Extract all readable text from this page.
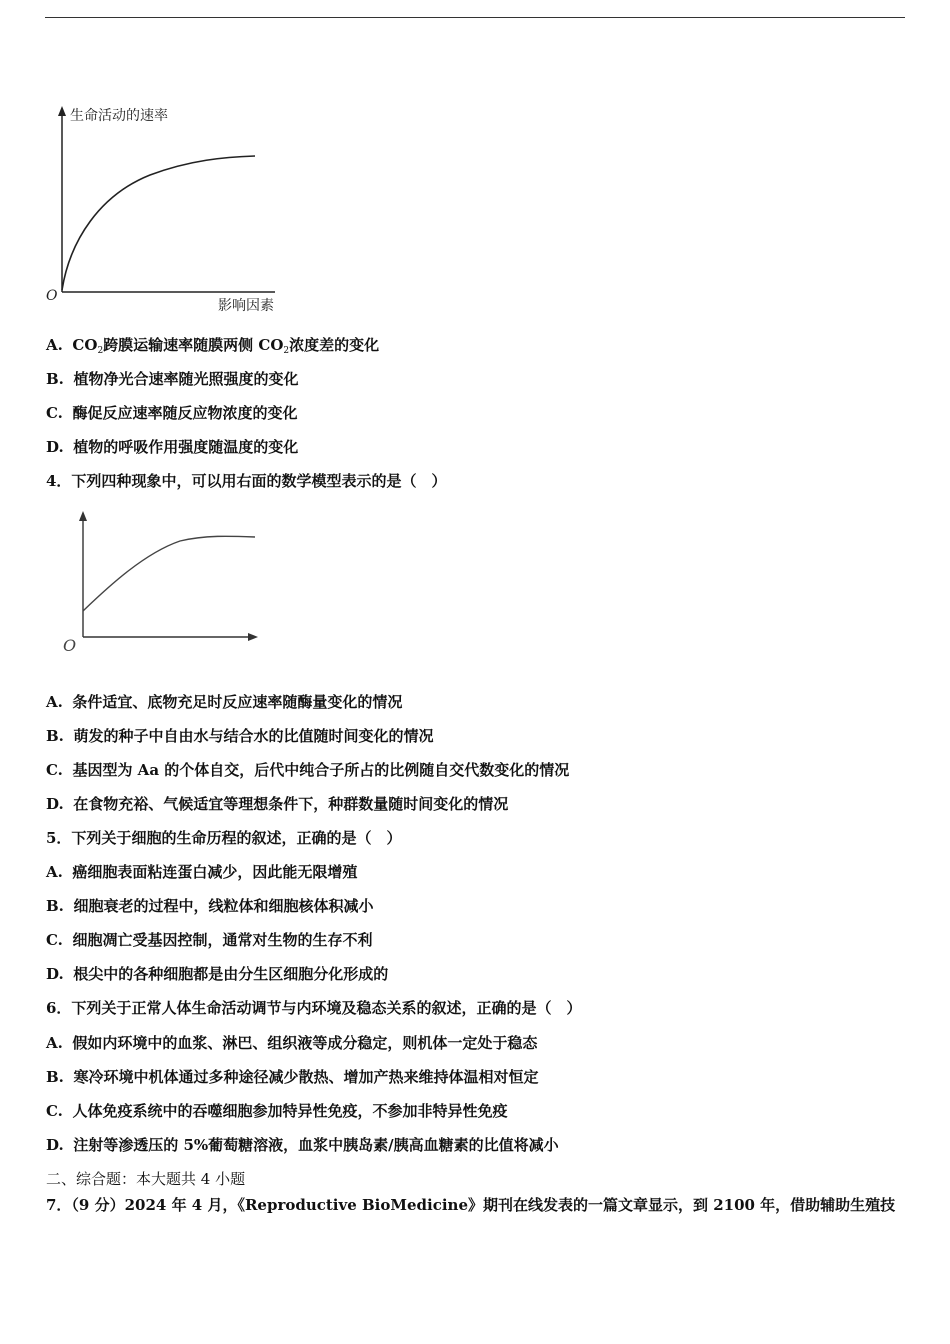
生命活动的速率
影响因素
O
A. $CO_2$跨膜运输速率随膜两侧 $CO_2$浓度差的变化
B. 植物净光合速率随光照强度的变化
C. 酶促反应速率随反应物浓度的变化
D. 植物的呼吸作用强度随温度的变化
4．下列四种现象中，可以用右面的数学模型表示的是（　）
O
A. 条件适宜、底物充足时反应速率随酶量变化的情况
B. 萌发的种子中自由水与结合水的比值随时间变化的情况
C. 基因型为 Aa 的个体自交，后代中纯合子所占的比例随自交代数变化的情况
D. 在食物充裕、气候适宜等理想条件下，种群数量随时间变化的情况
5．下列关于细胞的生命历程的叙述，正确的是（　）
A. 癌细胞表面粘连蛋白减少，因此能无限增殖
B. 细胞衰老的过程中，线粒体和细胞核体积减小
C. 细胞凋亡受基因控制，通常对生物的生存不利
D. 根尖中的各种细胞都是由分生区细胞分化形成的
6．下列关于正常人体生命活动调节与内环境及稳态关系的叙述，正确的是（　）
A. 假如内环境中的血浆、淋巴、组织液等成分稳定，则机体一定处于稳态
B. 寒冷环境中机体通过多种途径减少散热、增加产热来维持体温相对恒定
C. 人体免疫系统中的吞噬细胞参加特异性免疫，不参加非特异性免疫
D. 注射等渗透压的 5%葡萄糖溶液，血浆中胰岛素/胰高血糖素的比值将减小
二、综合题：本大题共 4 小题
7．（9 分）2024 年 4 月，《Reproductive BioMedicine》期刊在线发表的一篇文章显示，到 2100 年，借助辅助生殖技
